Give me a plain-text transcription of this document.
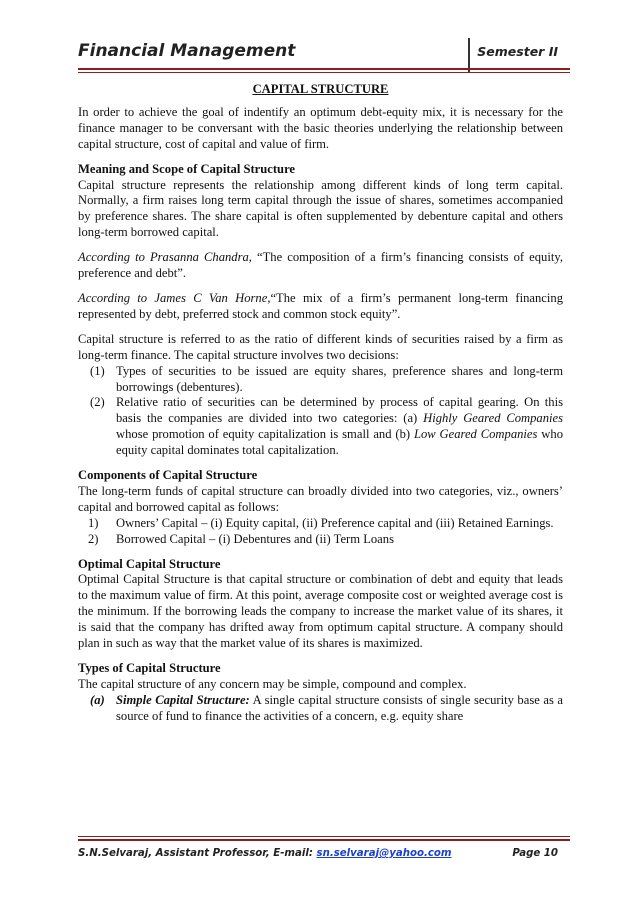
Financial Management	Semester II
CAPITAL STRUCTURE

In order to achieve the goal of indentify an optimum debt-equity mix, it is necessary for the finance manager to be conversant with the basic theories underlying the relationship between capital structure, cost of capital and value of firm.

Meaning and Scope of Capital Structure

Capital structure represents the relationship among different kinds of long term capital. Normally, a firm raises long term capital through the issue of shares, sometimes accompanied by preference shares. The share capital is often supplemented by debenture capital and others long-term borrowed capital.

According to Prasanna Chandra, “The composition of a firm’s financing consists of equity, preference and debt”.

According to James C Van Horne,“The mix of a firm’s permanent long-term financing represented by debt, preferred stock and common stock equity”.

Capital structure is referred to as the ratio of different kinds of securities raised by a firm as long-term finance. The capital structure involves two decisions:

(1) Types of securities to be issued are equity shares, preference shares and long-term borrowings (debentures).
(2) Relative ratio of securities can be determined by process of capital gearing. On this basis the companies are divided into two categories: (a) Highly Geared Companies whose promotion of equity capitalization is small and (b) Low Geared Companies who equity capital dominates total capitalization.
Components of Capital Structure

The long-term funds of capital structure can broadly divided into two categories, viz., owners’ capital and borrowed capital as follows:

1)	Owners’ Capital – (i) Equity capital, (ii) Preference capital and (iii) Retained Earnings.
2)	Borrowed Capital – (i) Debentures and (ii) Term Loans
Optimal Capital Structure

Optimal Capital Structure is that capital structure or combination of debt and equity that leads to the maximum value of firm. At this point, average composite cost or weighted average cost is the minimum. If the borrowing leads the company to increase the market value of its shares, it is said that the company has drifted away from optimum capital structure. A company should plan in such as way that the market value of its shares is maximized.

Types of Capital Structure

The capital structure of any concern may be simple, compound and complex.

(a) Simple Capital Structure: A single capital structure consists of single security base as a source of fund to finance the activities of a concern, e.g. equity share
S.N.Selvaraj, Assistant Professor, E-mail: sn.selvaraj@yahoo.com	Page 10
